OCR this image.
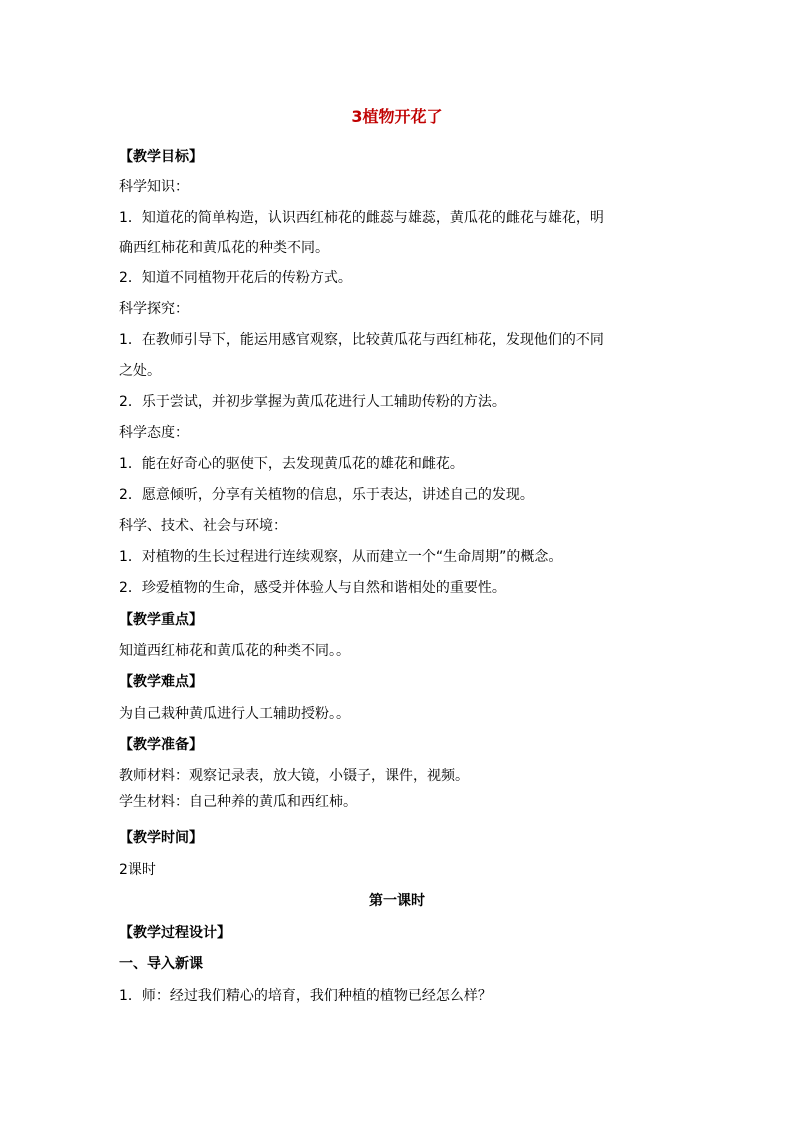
3植物开花了
【教学目标】
科学知识：
1．知道花的简单构造，认识西红柿花的雌蕊与雄蕊，黄瓜花的雌花与雄花，明
确西红柿花和黄瓜花的种类不同。
2．知道不同植物开花后的传粉方式。
科学探究：
1．在教师引导下，能运用感官观察，比较黄瓜花与西红柿花，发现他们的不同
之处。
2．乐于尝试，并初步掌握为黄瓜花进行人工辅助传粉的方法。
科学态度：
1．能在好奇心的驱使下，去发现黄瓜花的雄花和雌花。
2．愿意倾听，分享有关植物的信息，乐于表达，讲述自己的发现。
科学、技术、社会与环境：
1．对植物的生长过程进行连续观察，从而建立一个“生命周期”的概念。
2．珍爱植物的生命，感受并体验人与自然和谐相处的重要性。
【教学重点】
知道西红柿花和黄瓜花的种类不同。。
【教学难点】
为自己栽种黄瓜进行人工辅助授粉。。
【教学准备】
教师材料：观察记录表，放大镜，小镊子，课件，视频。
学生材料：自己种养的黄瓜和西红柿。
【教学时间】
2课时
第一课时
【教学过程设计】
一、导入新课
1．师：经过我们精心的培育，我们种植的植物已经怎么样？
